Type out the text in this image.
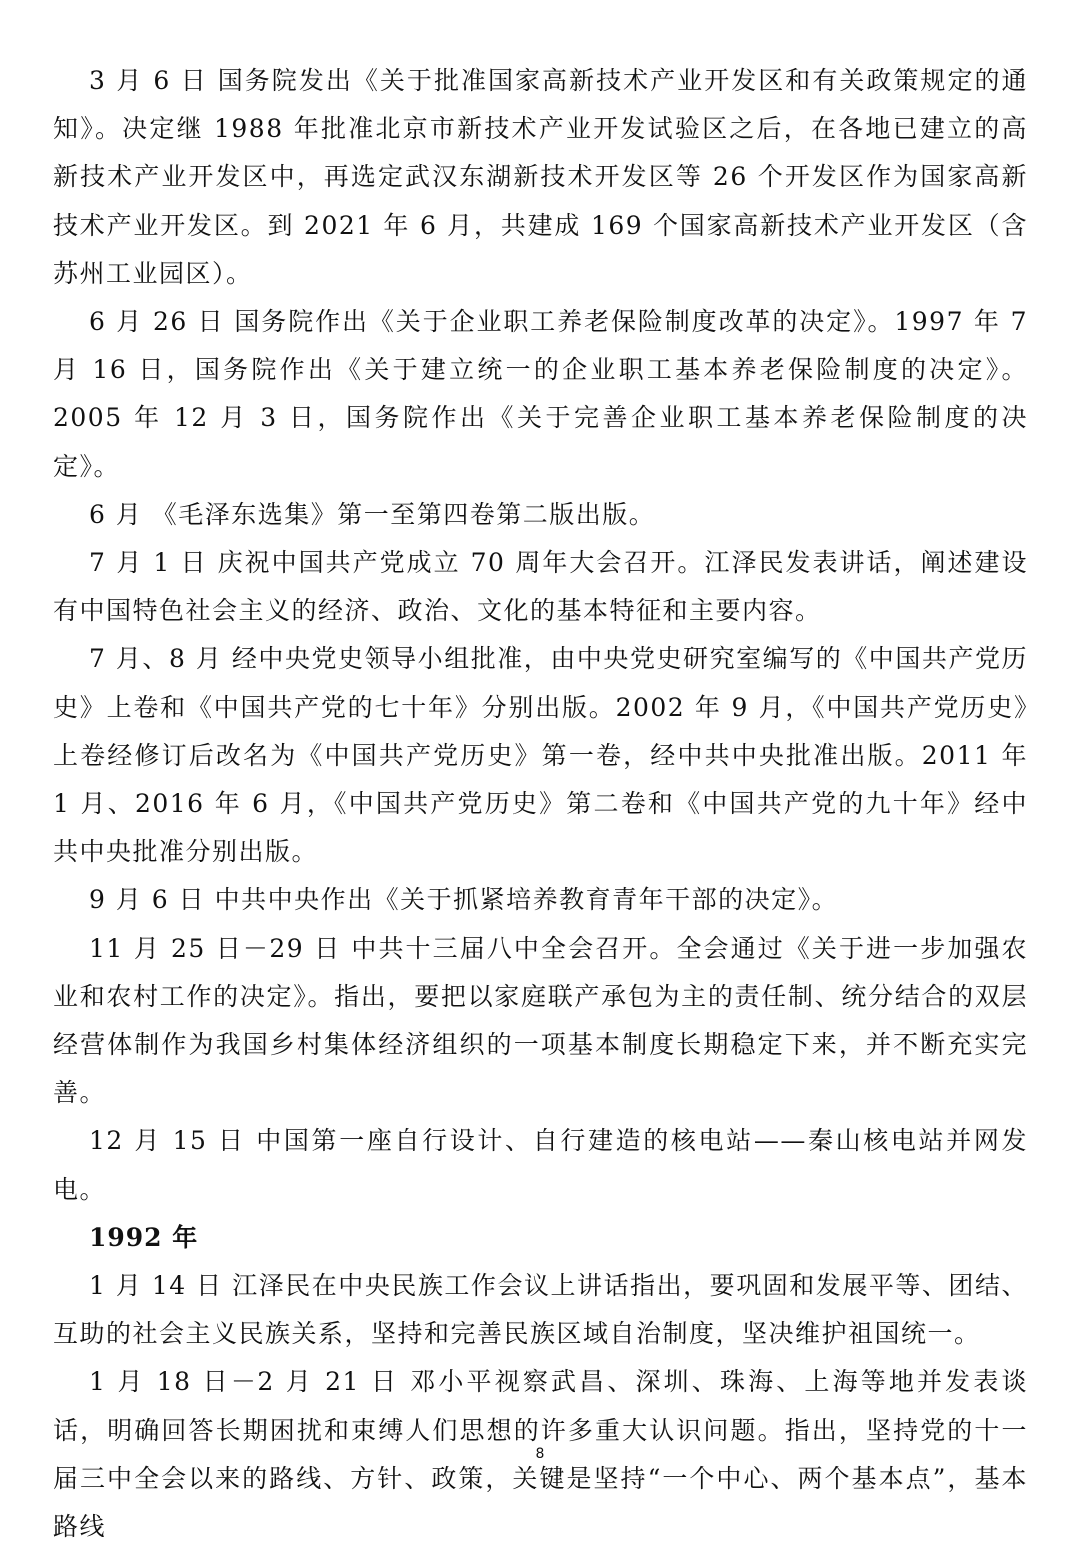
3 月 6 日 国务院发出《关于批准国家高新技术产业开发区和有关政策规定的通知》。决定继 1988 年批准北京市新技术产业开发试验区之后，在各地已建立的高新技术产业开发区中，再选定武汉东湖新技术开发区等 26 个开发区作为国家高新技术产业开发区。到 2021 年 6 月，共建成 169 个国家高新技术产业开发区（含苏州工业园区）。

6 月 26 日 国务院作出《关于企业职工养老保险制度改革的决定》。1997 年 7 月 16 日，国务院作出《关于建立统一的企业职工基本养老保险制度的决定》。2005 年 12 月 3 日，国务院作出《关于完善企业职工基本养老保险制度的决定》。

6 月 《毛泽东选集》第一至第四卷第二版出版。

7 月 1 日 庆祝中国共产党成立 70 周年大会召开。江泽民发表讲话，阐述建设有中国特色社会主义的经济、政治、文化的基本特征和主要内容。

7 月、8 月 经中央党史领导小组批准，由中央党史研究室编写的《中国共产党历史》上卷和《中国共产党的七十年》分别出版。2002 年 9 月，《中国共产党历史》上卷经修订后改名为《中国共产党历史》第一卷，经中共中央批准出版。2011 年 1 月、2016 年 6 月，《中国共产党历史》第二卷和《中国共产党的九十年》经中共中央批准分别出版。

9 月 6 日 中共中央作出《关于抓紧培养教育青年干部的决定》。

11 月 25 日－29 日 中共十三届八中全会召开。全会通过《关于进一步加强农业和农村工作的决定》。指出，要把以家庭联产承包为主的责任制、统分结合的双层经营体制作为我国乡村集体经济组织的一项基本制度长期稳定下来，并不断充实完善。

12 月 15 日 中国第一座自行设计、自行建造的核电站——秦山核电站并网发电。

1992 年

1 月 14 日 江泽民在中央民族工作会议上讲话指出，要巩固和发展平等、团结、互助的社会主义民族关系，坚持和完善民族区域自治制度，坚决维护祖国统一。

1 月 18 日－2 月 21 日 邓小平视察武昌、深圳、珠海、上海等地并发表谈话，明确回答长期困扰和束缚人们思想的许多重大认识问题。指出，坚持党的十一届三中全会以来的路线、方针、政策，关键是坚持“一个中心、两个基本点”，基本路线

8
